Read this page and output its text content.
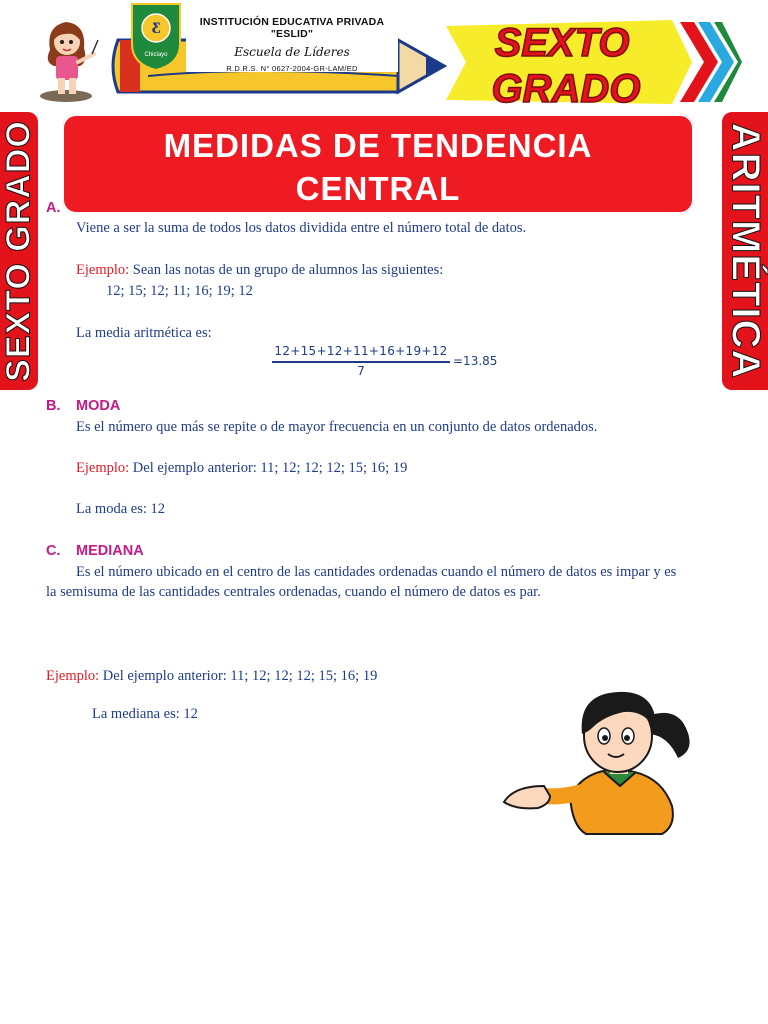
Ƹ
Chiclayo
INSTITUCIÓN EDUCATIVA PRIVADA "ESLID"
Escuela de Líderes
R.D.R.S. N° 0627-2004-GR-LAM/ED
SEXTO
GRADO
SEXTO GRADO	ARITMÉTICA
MEDIDAS DE TENDENCIA
CENTRAL
A.
Viene a ser la suma de todos los datos dividida entre el número total de datos.
Ejemplo: Sean las notas de un grupo de alumnos las siguientes:
12; 15; 12; 11; 16; 19; 12
La media aritmética es:
12+15+12+11+16+19+12
7
=13.85
B. MODA
Es el número que más se repite o de mayor frecuencia en un conjunto de datos ordenados.
Ejemplo: Del ejemplo anterior: 11; 12; 12; 12; 15; 16; 19
La moda es: 12
C. MEDIANA
Es el número ubicado en el centro de las cantidades ordenadas cuando el número de datos es impar y es
la semisuma de las cantidades centrales ordenadas, cuando el número de datos es par.
Ejemplo: Del ejemplo anterior: 11; 12; 12; 12; 15; 16; 19
La mediana es: 12
